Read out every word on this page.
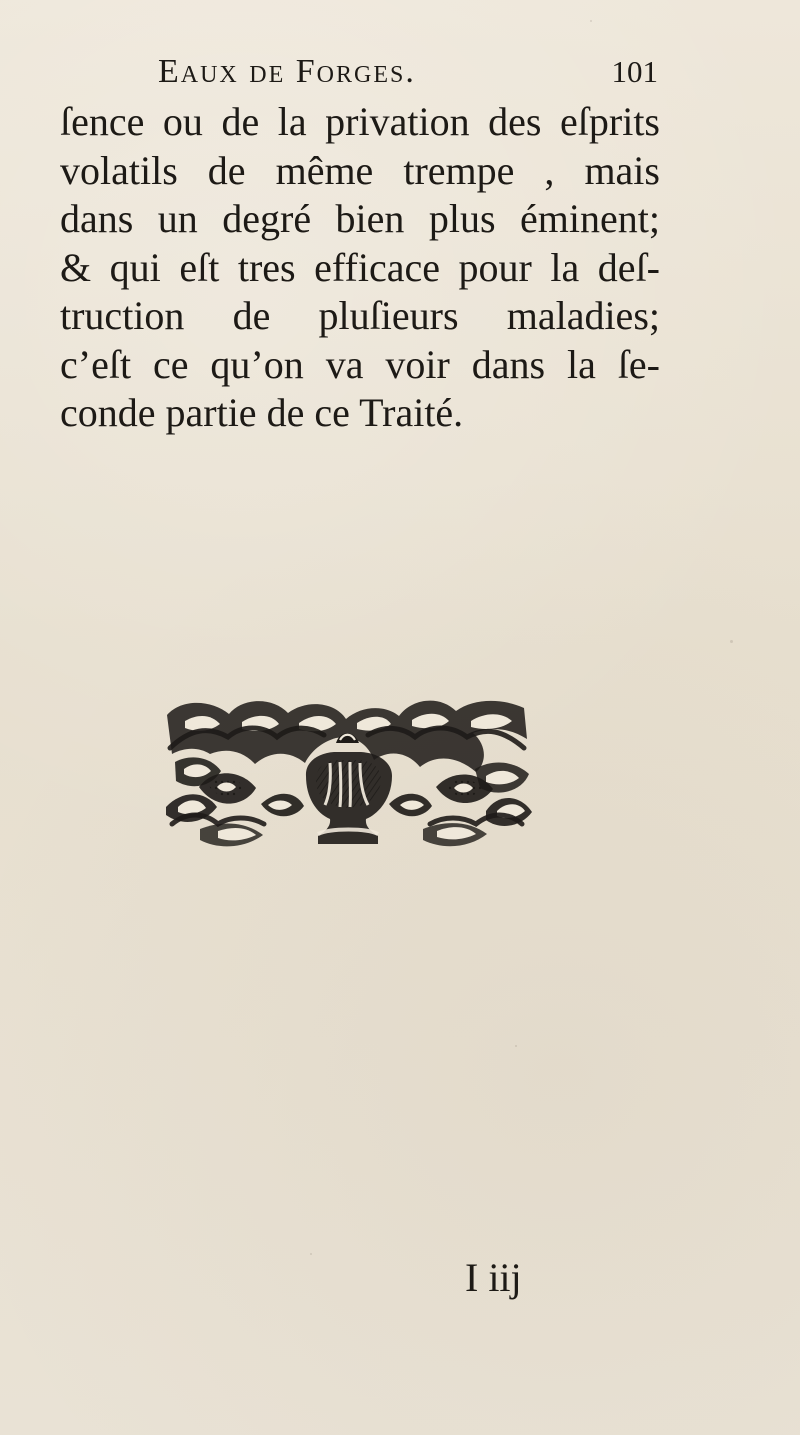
Eaux de Forges.	101
ſence ou de la privation des eſprits
volatils de même trempe , mais
dans un degré bien plus éminent;
& qui eſt tres efficace pour la deſ-
truction de pluſieurs maladies;
c’eſt ce qu’on va voir dans la ſe-
conde partie de ce Traité.
I iij
